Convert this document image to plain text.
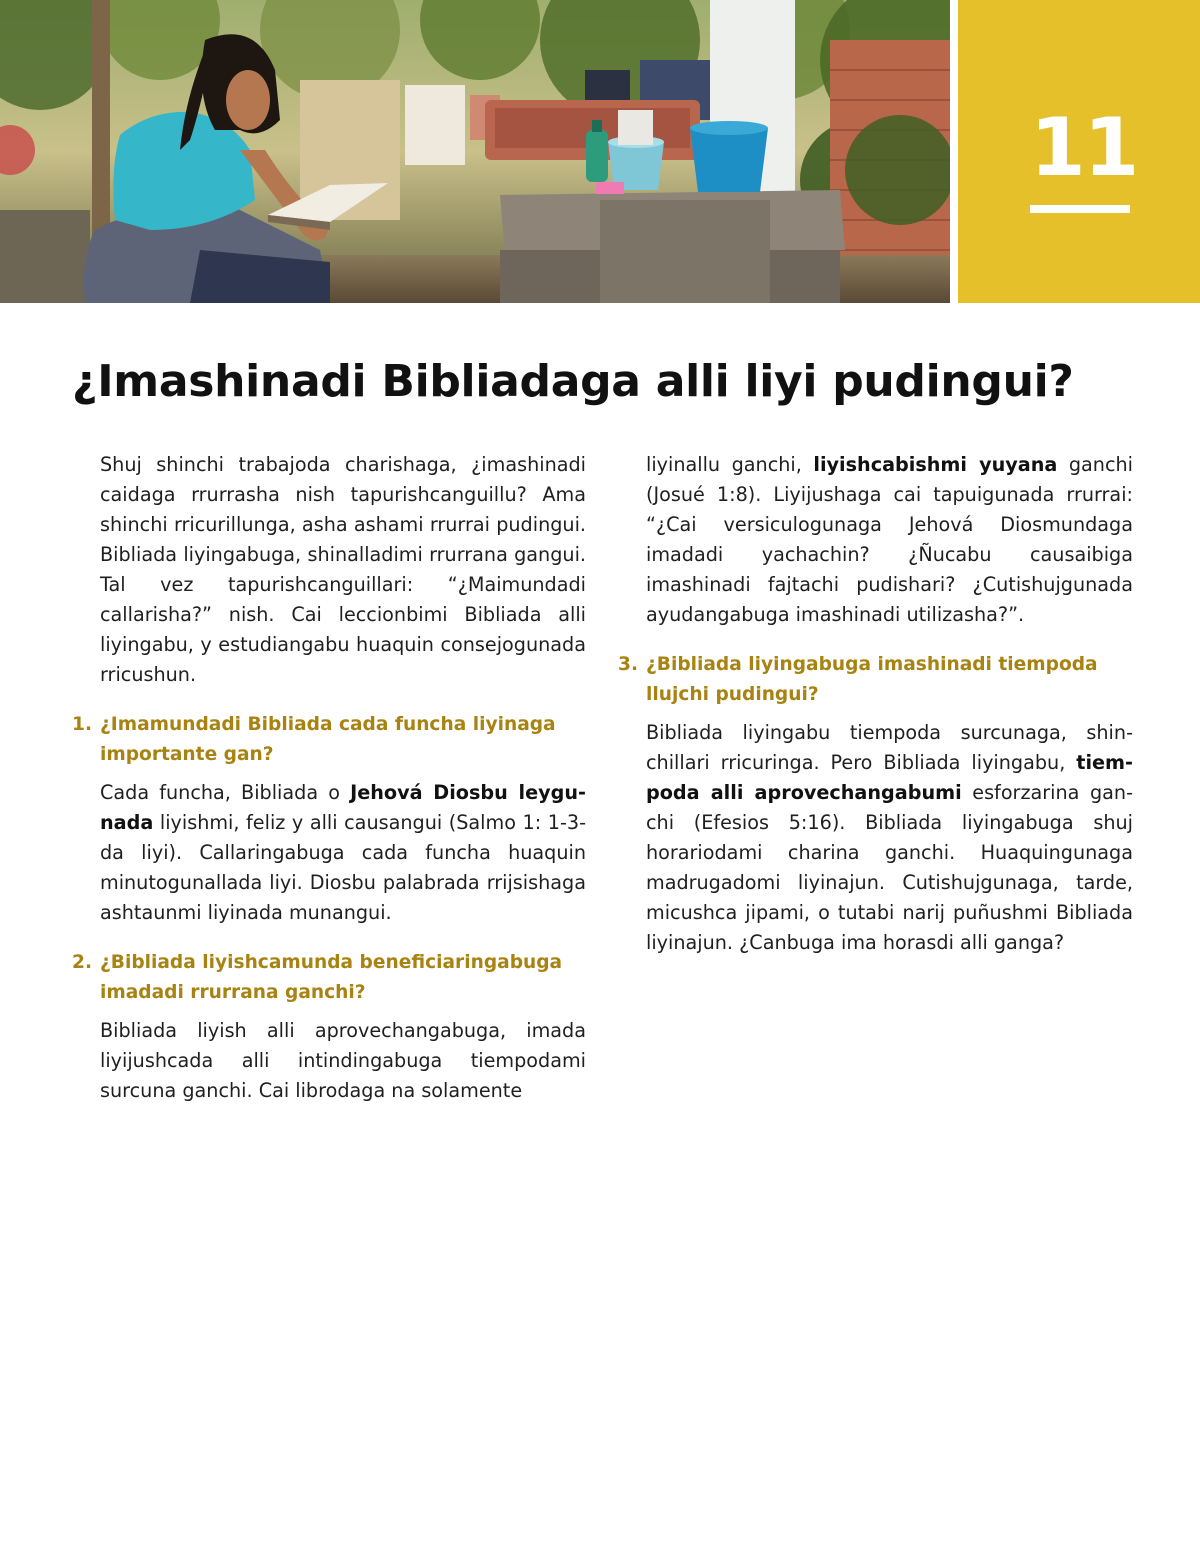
11
¿Imashinadi Bibliadaga alli liyi pudingui?

Shuj shinchi trabajoda charishaga, ¿imashinadi caidaga rrurrasha nish tapurishcanguillu? Ama shinchi rricurillunga, asha ashami rrurrai pudingui. Bibliada liyingabuga, shinalladimi rrurrana gangui. Tal vez tapurishcanguillari: “¿Maimundadi callarisha?” nish. Cai leccionbimi Bibliada alli liyingabu, y estudiangabu huaquin consejogunada rricushun.

1. ¿Imamundadi Bibliada cada funcha liyinaga importante gan?

Cada funcha, Bibliada o Jehová Diosbu leygunada liyishmi, feliz y alli causangui (Salmo 1: 1-3-da liyi). Callaringabuga cada funcha huaquin minutogunallada liyi. Diosbu palabrada rrijsishaga ashtaunmi liyinada munangui.

2. ¿Bibliada liyishcamunda beneficiaringabuga imadadi rrurrana ganchi?

Bibliada liyish alli aprovechangabuga, imada liyijushcada alli intindingabuga tiempodami surcuna ganchi. Cai librodaga na solamente

liyinallu ganchi, liyishcabishmi yuyana ganchi (Josué 1:8). Liyijushaga cai tapuigunada rrurrai: “¿Cai versiculogunaga Jehová Diosmundaga imadadi yachachin? ¿Ñucabu causaibiga imashinadi fajtachi pudishari? ¿Cutishujgunada ayudangabuga imashinadi utilizasha?”.

3. ¿Bibliada liyingabuga imashinadi tiempoda llujchi pudingui?

Bibliada liyingabu tiempoda surcunaga, shinchillari rricuringa. Pero Bibliada liyingabu, tiempoda alli aprovechangabumi esforzarina ganchi (Efesios 5:16). Bibliada liyingabuga shuj horariodami charina ganchi. Huaquingunaga madrugadomi liyinajun. Cutishujgunaga, tarde, micushca jipami, o tutabi narij puñushmi Bibliada liyinajun. ¿Canbuga ima horasdi alli ganga?
